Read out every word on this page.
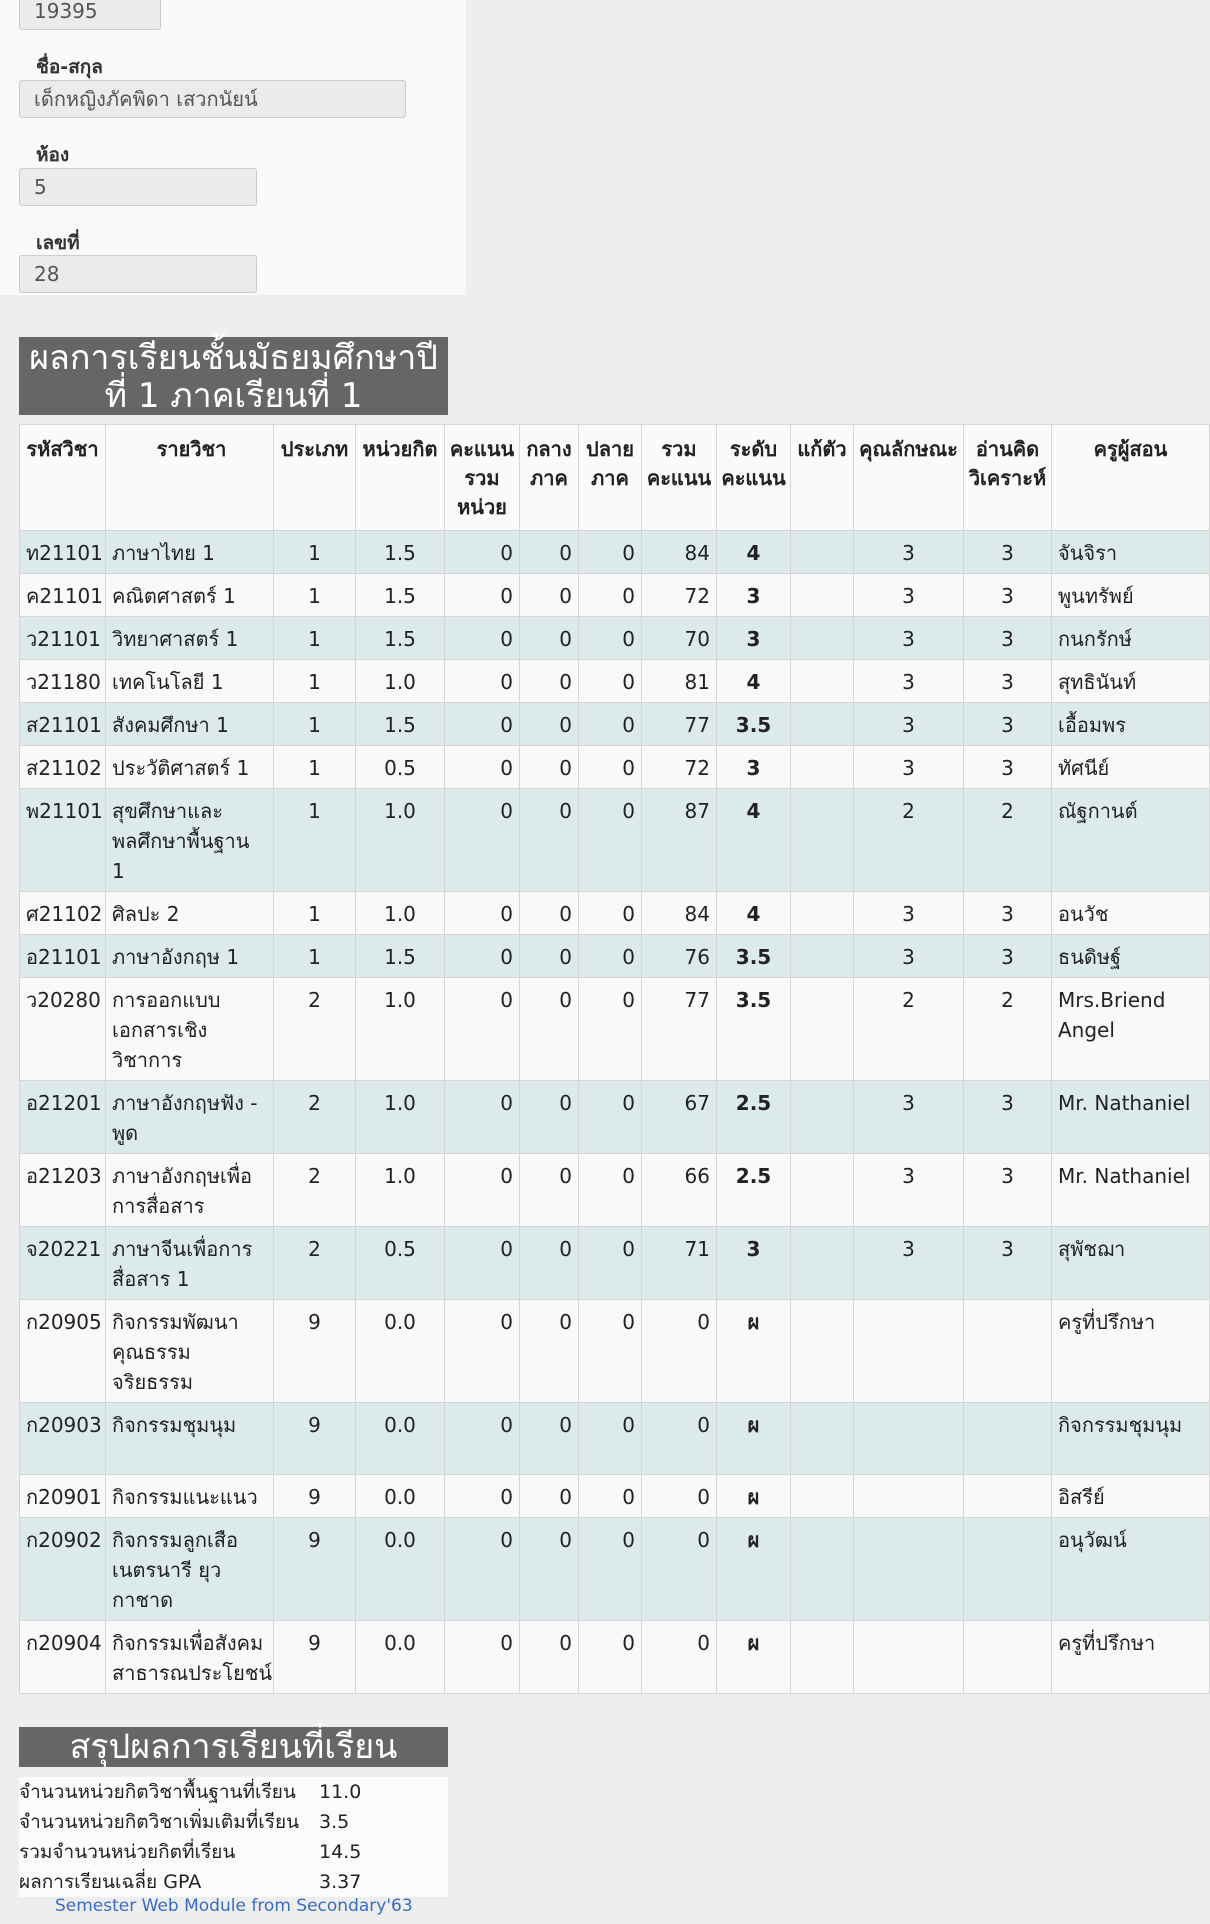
19395
ชื่อ-สกุล
เด็กหญิงภัคพิดา เสวกนัยน์
ห้อง
5
เลขที่
28
ผลการเรียนชั้นมัธยมศึกษาปีที่ 1 ภาคเรียนที่ 1
รหัสวิชา	รายวิชา	ประเภท	หน่วยกิต	คะแนนรวมหน่วย	กลางภาค	ปลายภาค	รวมคะแนน	ระดับคะแนน	แก้ตัว	คุณลักษณะ	อ่านคิดวิเคราะห์	ครูผู้สอน
ท21101	ภาษาไทย 1	1	1.5	0	0	0	84	4		3	3	จันจิรา
ค21101	คณิตศาสตร์ 1	1	1.5	0	0	0	72	3		3	3	พูนทรัพย์
ว21101	วิทยาศาสตร์ 1	1	1.5	0	0	0	70	3		3	3	กนกรักษ์
ว21180	เทคโนโลยี 1	1	1.0	0	0	0	81	4		3	3	สุทธินันท์
ส21101	สังคมศึกษา 1	1	1.5	0	0	0	77	3.5		3	3	เอื้อมพร
ส21102	ประวัติศาสตร์ 1	1	0.5	0	0	0	72	3		3	3	ทัศนีย์
พ21101	สุขศึกษาและพลศึกษาพื้นฐาน 1	1	1.0	0	0	0	87	4		2	2	ณัฐกานต์
ศ21102	ศิลปะ 2	1	1.0	0	0	0	84	4		3	3	อนวัช
อ21101	ภาษาอังกฤษ 1	1	1.5	0	0	0	76	3.5		3	3	ธนดิษฐ์
ว20280	การออกแบบเอกสารเชิงวิชาการ	2	1.0	0	0	0	77	3.5		2	2	Mrs.Briend Angel
อ21201	ภาษาอังกฤษฟัง - พูด	2	1.0	0	0	0	67	2.5		3	3	Mr. Nathaniel
อ21203	ภาษาอังกฤษเพื่อการสื่อสาร	2	1.0	0	0	0	66	2.5		3	3	Mr. Nathaniel
จ20221	ภาษาจีนเพื่อการสื่อสาร 1	2	0.5	0	0	0	71	3		3	3	สุพัชฌา
ก20905	กิจกรรมพัฒนาคุณธรรมจริยธรรม	9	0.0	0	0	0	0	ผ				ครูที่ปรึกษา
ก20903	กิจกรรมชุมนุม	9	0.0	0	0	0	0	ผ				กิจกรรมชุมนุม
ก20901	กิจกรรมแนะแนว	9	0.0	0	0	0	0	ผ				อิสรีย์
ก20902	กิจกรรมลูกเสือเนตรนารี ยุวกาชาด	9	0.0	0	0	0	0	ผ				อนุวัฒน์
ก20904	กิจกรรมเพื่อสังคมสาธารณประโยชน์	9	0.0	0	0	0	0	ผ				ครูที่ปรึกษา
สรุปผลการเรียนที่เรียน
จำนวนหน่วยกิตวิชาพื้นฐานที่เรียน 11.0
จำนวนหน่วยกิตวิชาเพิ่มเติมที่เรียน 3.5
รวมจำนวนหน่วยกิตที่เรียน	14.5
ผลการเรียนเฉลี่ย GPA	3.37
Semester Web Module from Secondary'63
